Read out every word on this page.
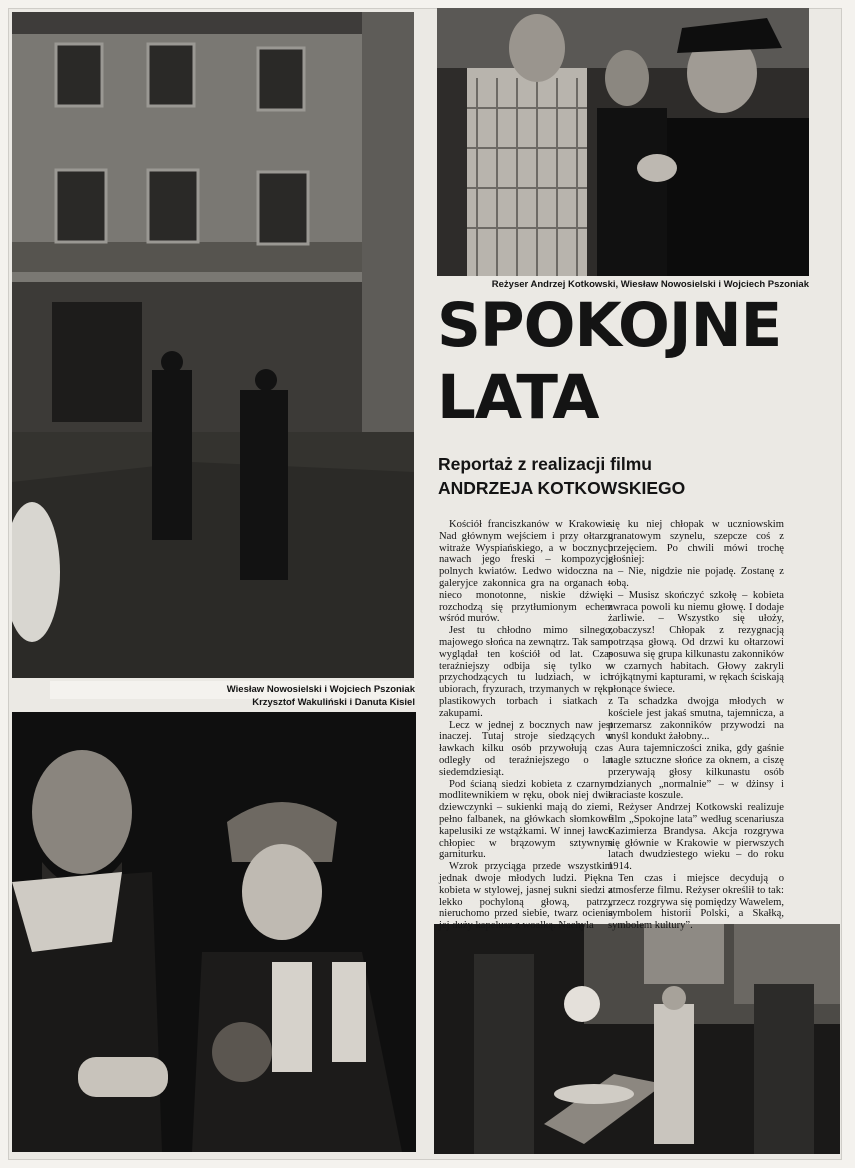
Reżyser Andrzej Kotkowski, Wiesław Nowosielski i Wojciech Pszoniak
Wiesław Nowosielski i Wojciech Pszoniak
Krzysztof Wakuliński i Danuta Kisiel
SPOKOJNE
LATA
Reportaż z realizacji filmu
ANDRZEJA KOTKOWSKIEGO

Kościół franciszkanów w Krakowie. Nad głównym wejściem i przy ołtarzu witraże Wyspiańskiego, a w bocznych nawach jego freski – kompozycje polnych kwiatów. Ledwo widoczna na galeryjce zakonnica gra na organach – nieco monotonne, niskie dźwięki rozchodzą się przytłumionym echem wśród murów.

Jest tu chłodno mimo silnego, majowego słońca na zewnątrz. Tak samo wyglądał ten kościół od lat. Czas teraźniejszy odbija się tylko w przychodzących tu ludziach, w ich ubiorach, fryzurach, trzymanych w ręku plastikowych torbach i siatkach z zakupami.

Lecz w jednej z bocznych naw jest inaczej. Tutaj stroje siedzących w ławkach kilku osób przywołują czas odległy od teraźniejszego o lat siedemdziesiąt.

Pod ścianą siedzi kobieta z czarnym modlitewnikiem w ręku, obok niej dwie dziewczynki – sukienki mają do ziemi, pełno falbanek, na główkach słomkowe kapelusiki ze wstążkami. W innej ławce chłopiec w brązowym sztywnym garniturku.

Wzrok przyciąga przede wszystkim jednak dwoje młodych ludzi. Piękna kobieta w stylowej, jasnej sukni siedzi z lekko pochyloną głową, patrzy nieruchomo przed siebie, twarz ocienia jej duży kapelusz z woalką. Nachyla

się ku niej chłopak w uczniowskim granatowym szynelu, szepcze coś z przejęciem. Po chwili mówi trochę głośniej:

– Nie, nigdzie nie pojadę. Zostanę z tobą.

– Musisz skończyć szkołę – kobieta zwraca powoli ku niemu głowę. I dodaje żarliwie. – Wszystko się ułoży, zobaczysz! Chłopak z rezygnacją potrząsa głową. Od drzwi ku ołtarzowi posuwa się grupa kilkunastu zakonników w czarnych habitach. Głowy zakryli trójkątnymi kapturami, w rękach ściskają płonące świece.

Ta schadzka dwojga młodych w kościele jest jakaś smutna, tajemnicza, a przemarsz zakonników przywodzi na myśl kondukt żałobny...

Aura tajemniczości znika, gdy gaśnie nagle sztuczne słońce za oknem, a ciszę przerywają głosy kilkunastu osób odzianych „normalnie” – w dżinsy i kraciaste koszule.

Reżyser Andrzej Kotkowski realizuje film „Spokojne lata” według scenariusza Kazimierza Brandysa. Akcja rozgrywa się głównie w Krakowie w pierwszych latach dwudziestego wieku – do roku 1914.

Ten czas i miejsce decydują o atmosferze filmu. Reżyser określił to tak: „rzecz rozgrywa się pomiędzy Wawelem, symbolem historii Polski, a Skałką, symbolem kultury”.
